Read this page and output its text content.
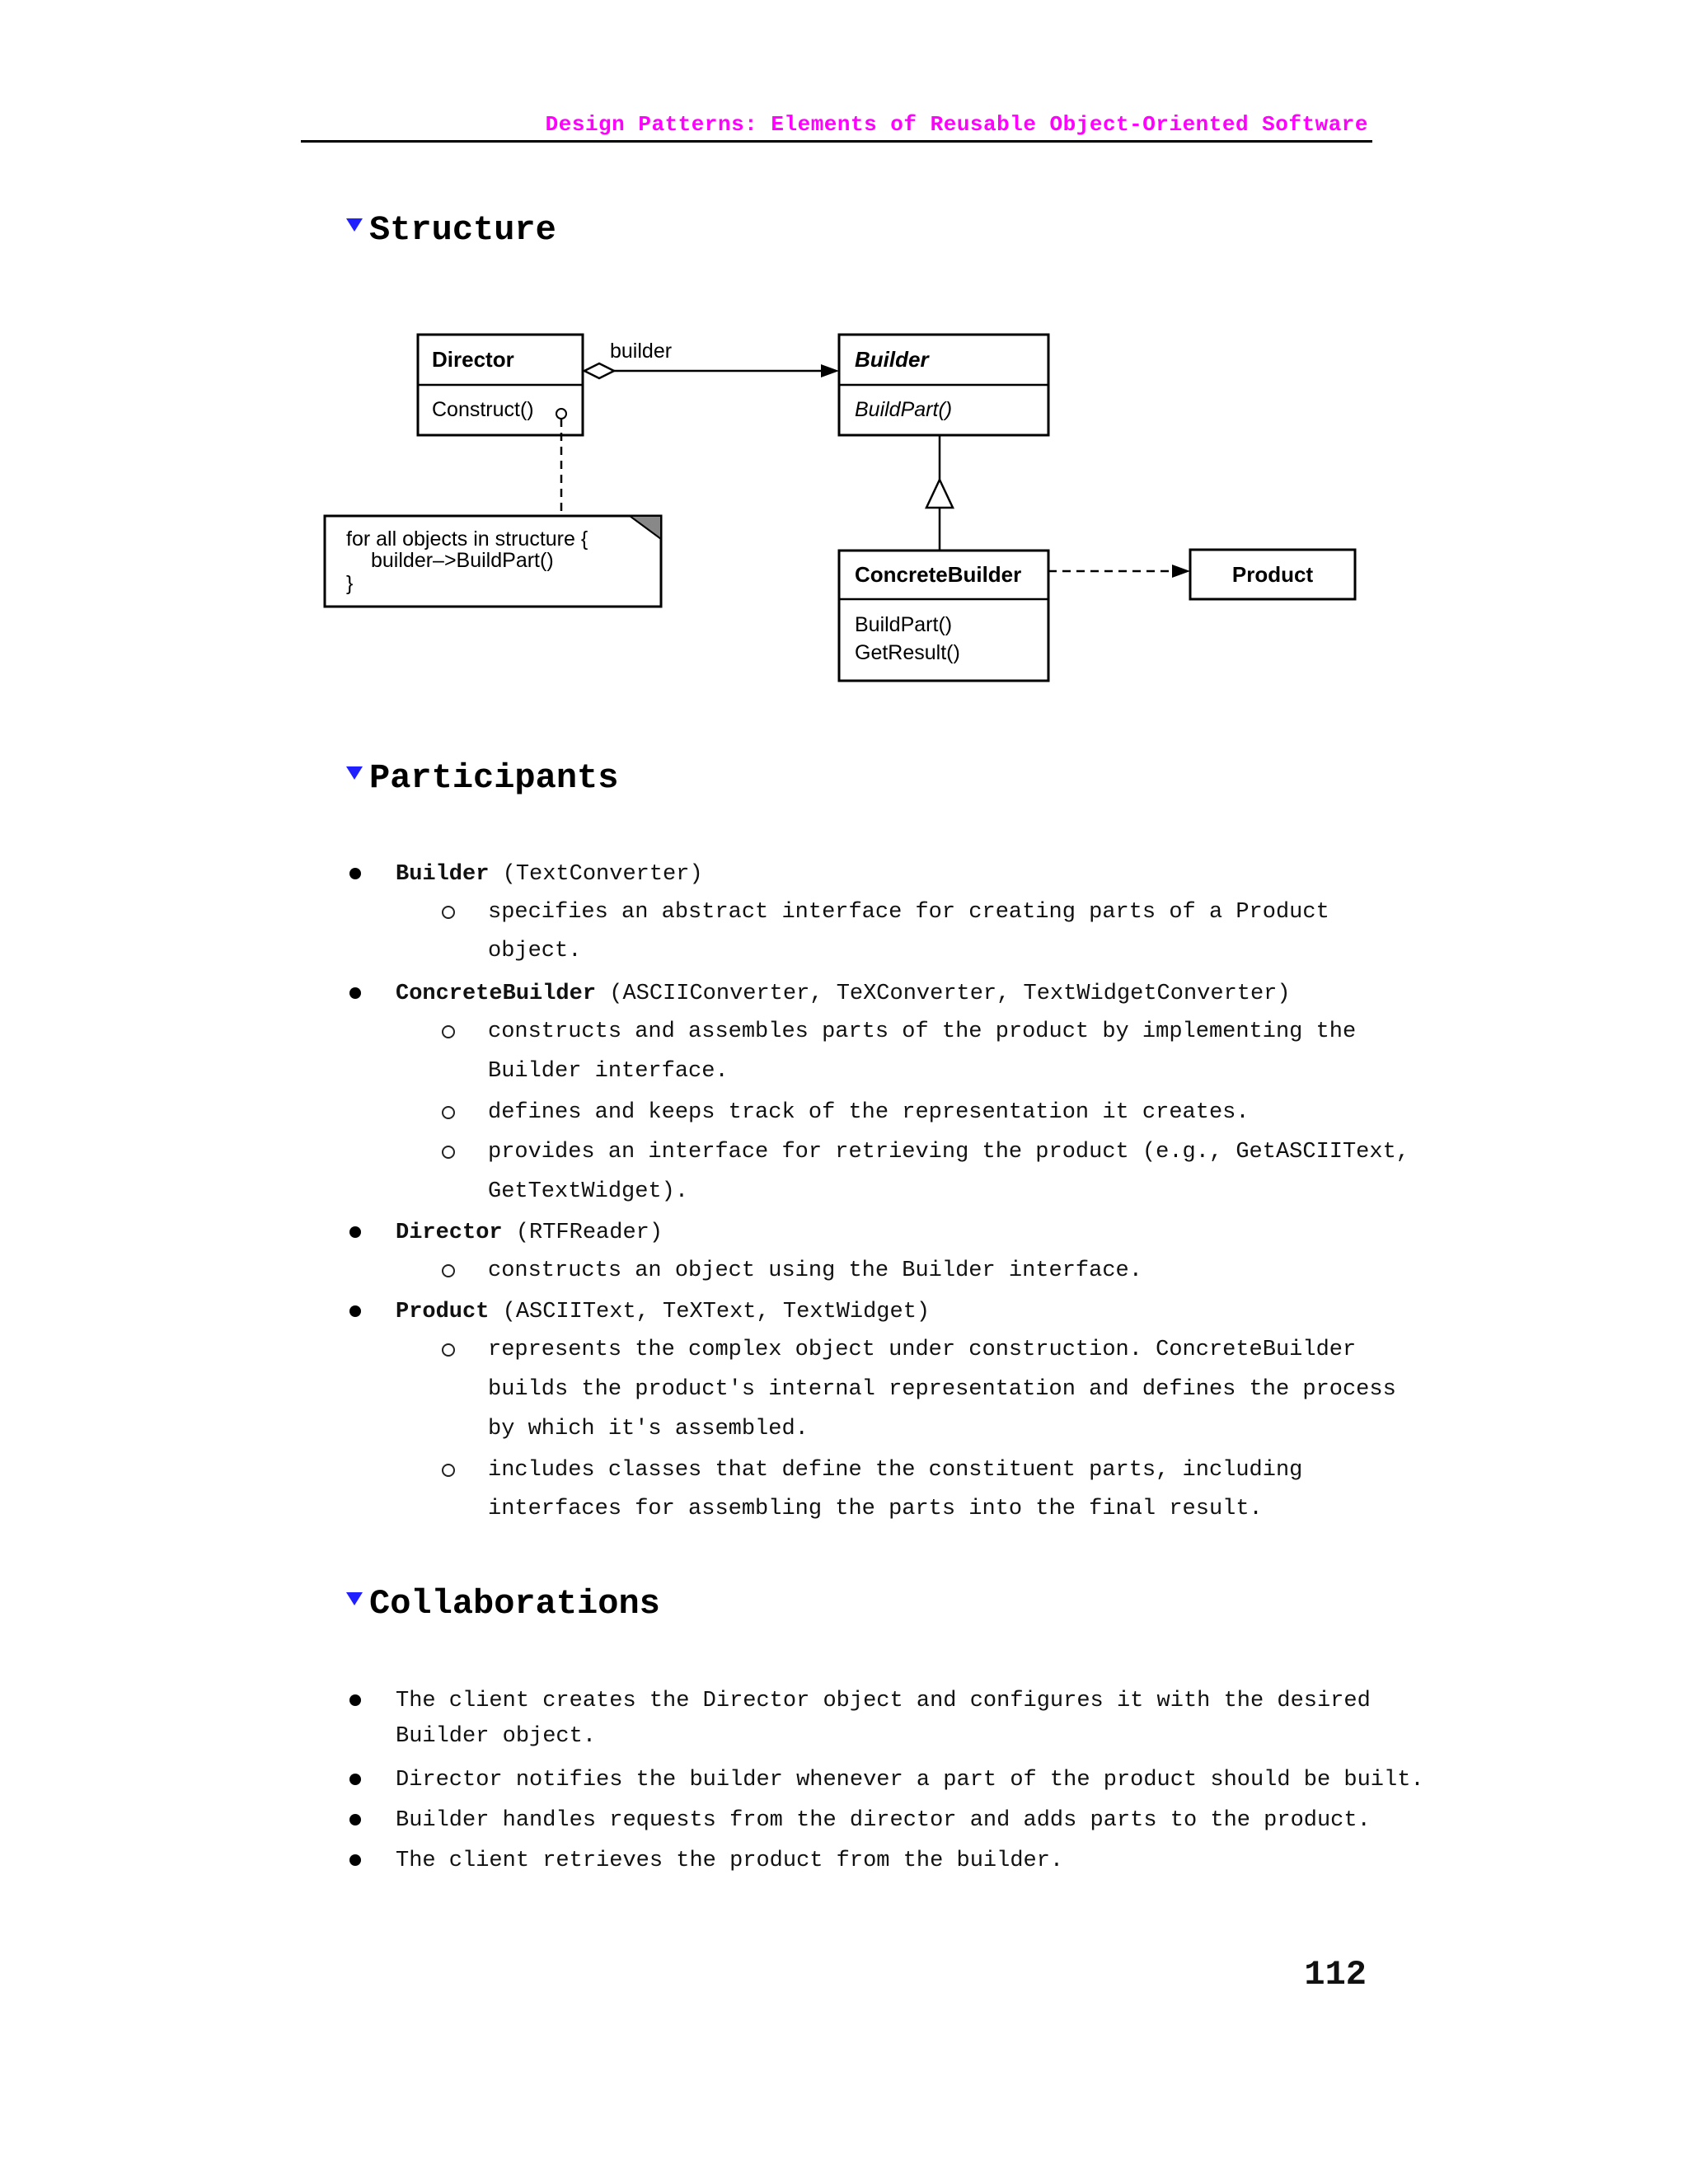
Design Patterns: Elements of Reusable Object-Oriented Software
Structure
Director
Construct()
builder	Builder
BuildPart()
for all objects in structure {
builder–>BuildPart()
}	ConcreteBuilder
BuildPart()
GetResult()
Product
Participants
Builder (TextConverter)
specifies an abstract interface for creating parts of a Product
object.
ConcreteBuilder (ASCIIConverter, TeXConverter, TextWidgetConverter)
constructs and assembles parts of the product by implementing the
Builder interface.
defines and keeps track of the representation it creates.
provides an interface for retrieving the product (e.g., GetASCIIText,
GetTextWidget).
Director (RTFReader)
constructs an object using the Builder interface.
Product (ASCIIText, TeXText, TextWidget)
represents the complex object under construction. ConcreteBuilder
builds the product's internal representation and defines the process
by which it's assembled.
includes classes that define the constituent parts, including
interfaces for assembling the parts into the final result.
Collaborations
The client creates the Director object and configures it with the desired
Builder object.
Director notifies the builder whenever a part of the product should be built.
Builder handles requests from the director and adds parts to the product.
The client retrieves the product from the builder.
112
